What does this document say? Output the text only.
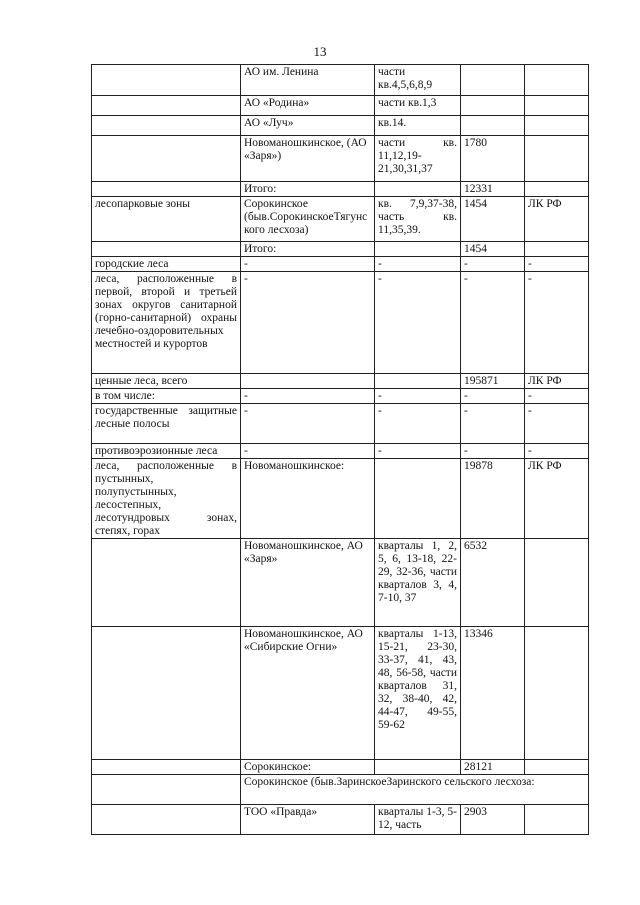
13
	АО им. Ленина	части кв.4,5,6,8,9		
	АО «Родина»	части кв.1,3		
	АО «Луч»	кв.14.		
	Новоманошкинское, (АО «Заря»)	части кв. 11,12,19-21,30,31,37	1780	
	Итого:		12331	
лесопарковые зоны	Сорокинское (быв.СорокинскоеТягунского лесхоза)	кв. 7,9,37-38, часть кв. 11,35,39.	1454	ЛК РФ
	Итого:		1454	
городские леса	-	-	-	-
леса, расположенные в первой, второй и третьей зонах округов санитарной (горно-санитарной) охраны лечебно-оздоровительных местностей и курортов	-	-	-	-
ценные леса, всего			195871	ЛК РФ
в том числе:	-	-	-	-
государственные защитные лесные полосы	-	-	-	-
противоэрозионные леса	-	-	-	-
леса, расположенные в пустынных, полупустынных, лесостепных, лесотундровых зонах, степях, горах	Новоманошкинское:		19878	ЛК РФ
	Новоманошкинское, АО «Заря»	кварталы 1, 2, 5, 6, 13-18, 22-29, 32-36, части кварталов 3, 4, 7-10, 37	6532	
	Новоманошкинское, АО «Сибирские Огни»	кварталы 1-13, 15-21, 23-30, 33-37, 41, 43, 48, 56-58, части кварталов 31, 32, 38-40, 42, 44-47, 49-55, 59-62	13346	
	Сорокинское:		28121	
	Сорокинское (быв.ЗаринскоеЗаринского сельского лесхоза:			
	ТОО «Правда»	кварталы 1-3, 5-12, часть	2903	
